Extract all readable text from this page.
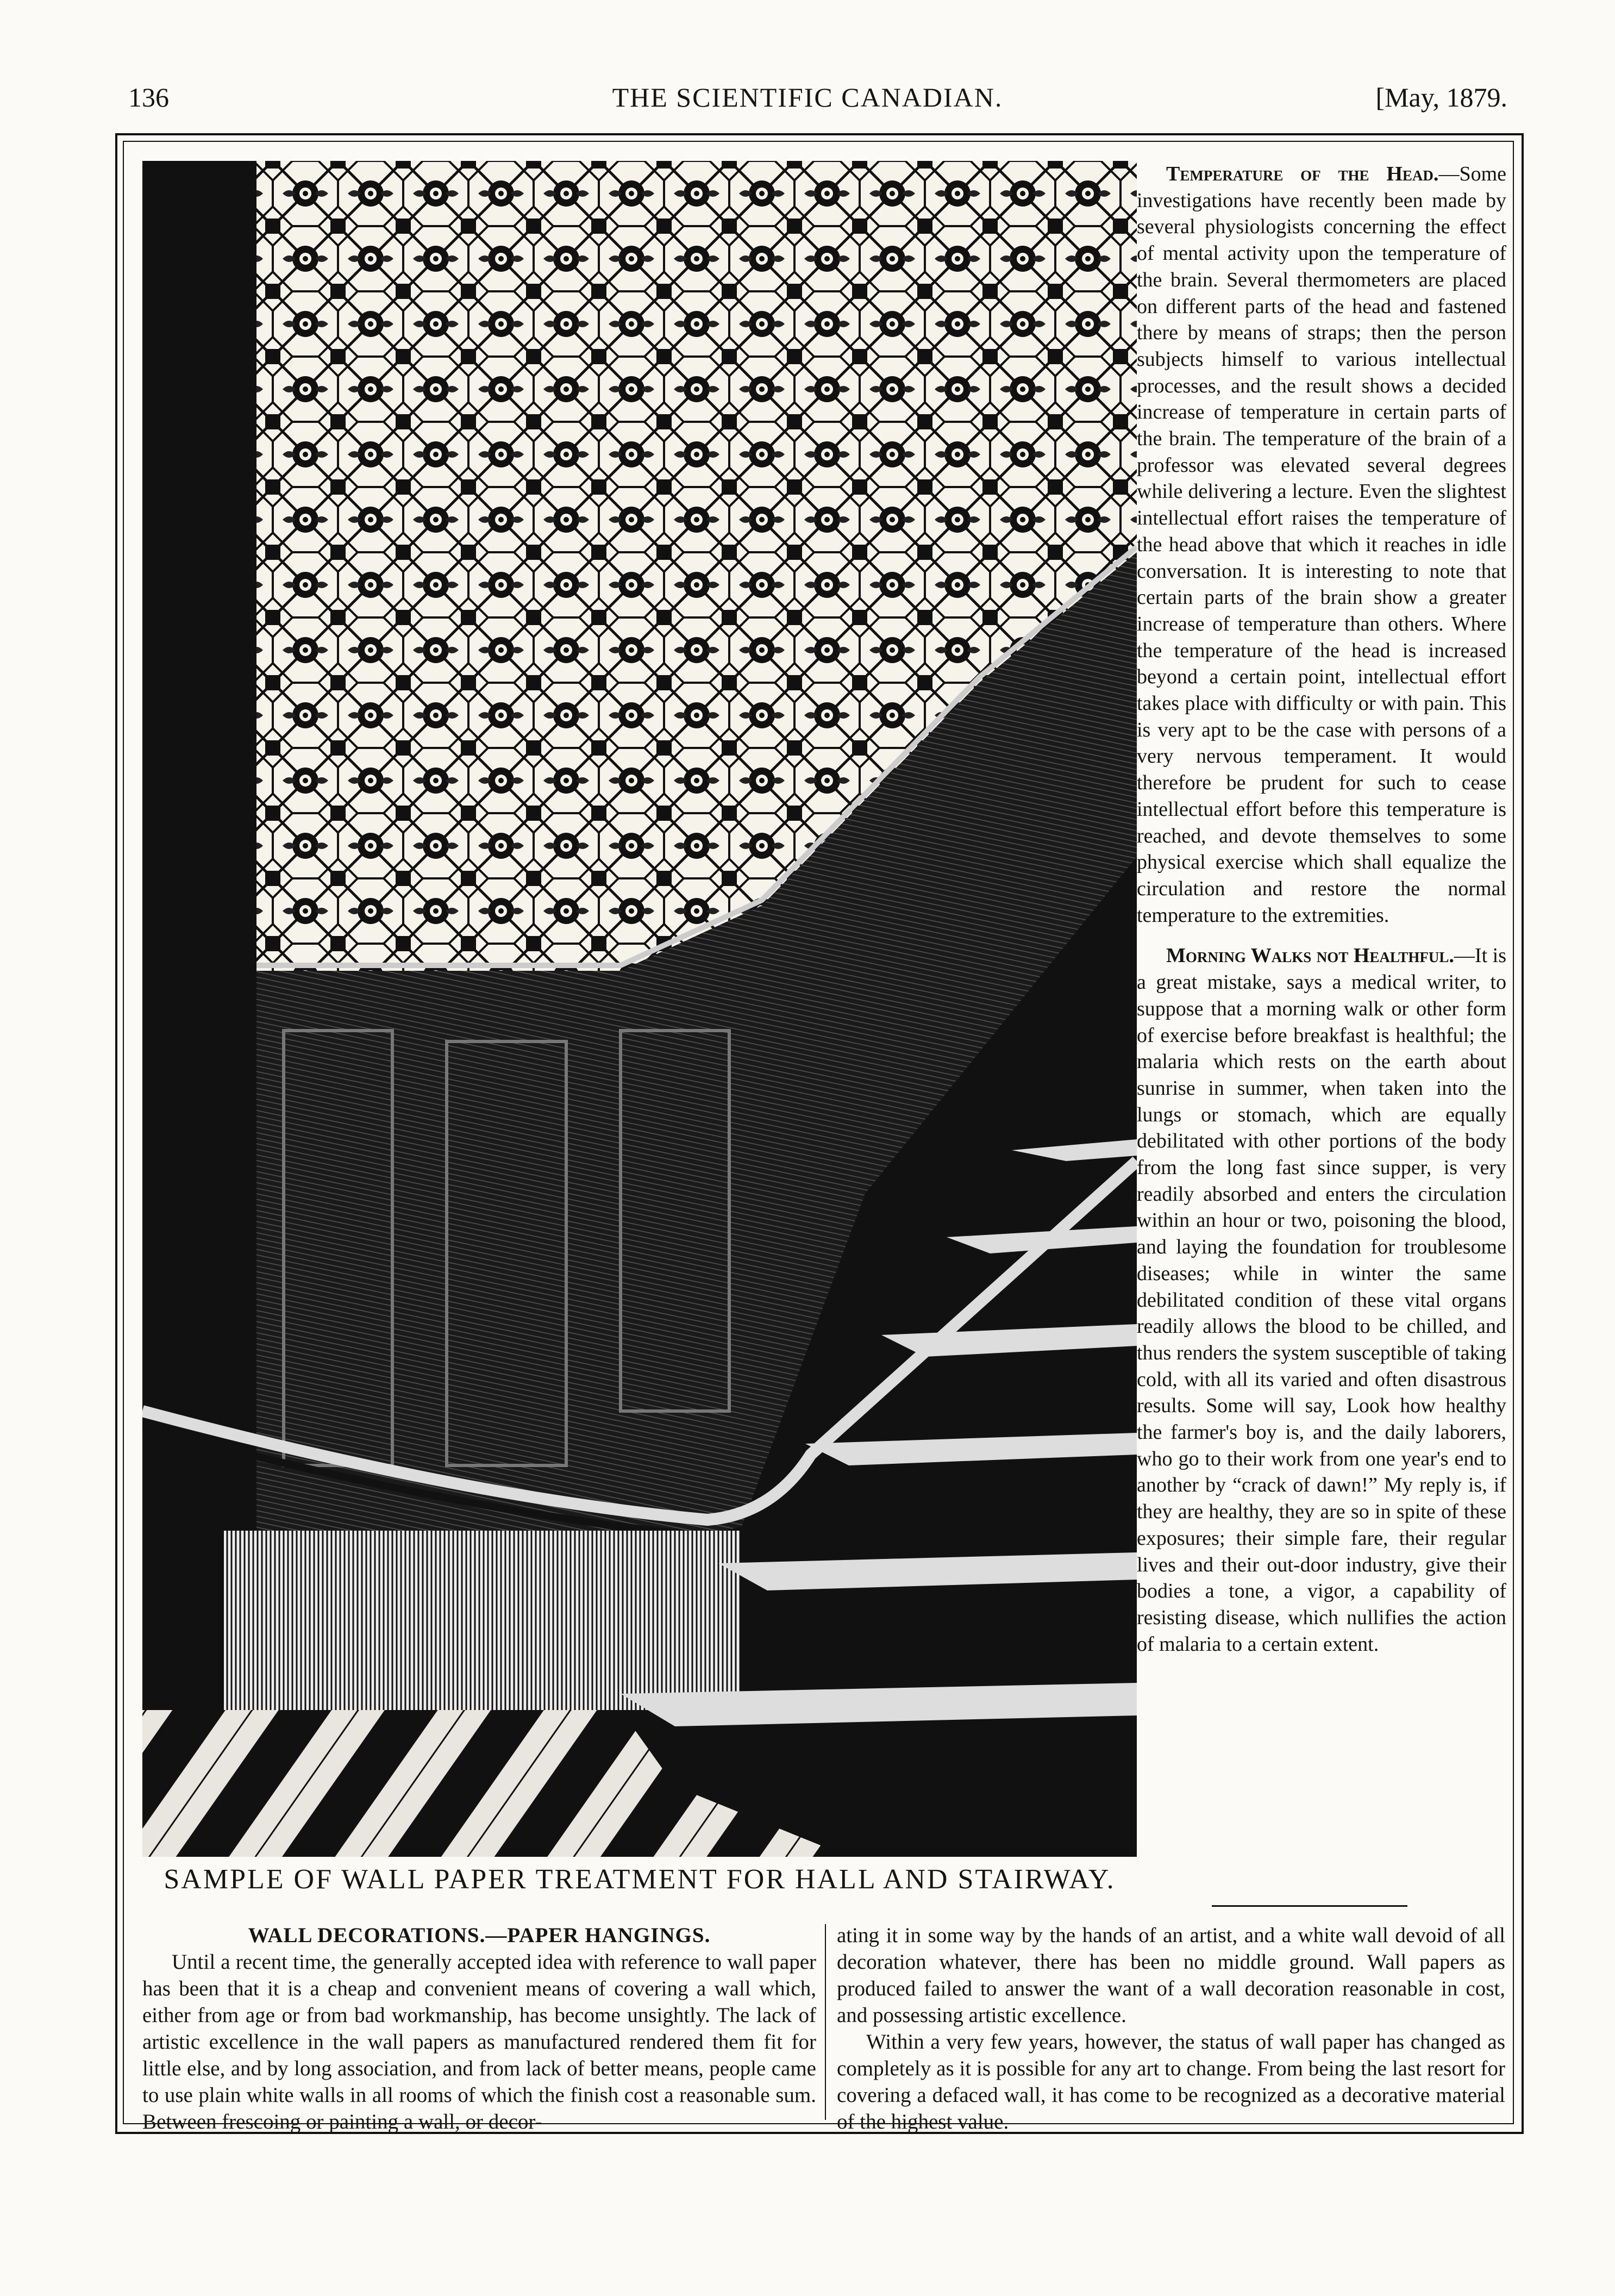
136	THE SCIENTIFIC CANADIAN.	[May, 1879.
SAMPLE OF WALL PAPER TREATMENT FOR HALL AND STAIRWAY.

Temperature of the Head.—Some investigations have recently been made by several physiologists concerning the effect of mental activity upon the temperature of the brain. Several thermometers are placed on different parts of the head and fastened there by means of straps; then the person subjects himself to various intellectual processes, and the result shows a decided increase of temperature in certain parts of the brain. The temperature of the brain of a professor was elevated several degrees while delivering a lecture. Even the slightest intellectual effort raises the temperature of the head above that which it reaches in idle conversation. It is interesting to note that certain parts of the brain show a greater increase of temperature than others. Where the temperature of the head is increased beyond a certain point, intellectual effort takes place with difficulty or with pain. This is very apt to be the case with persons of a very nervous temperament. It would therefore be prudent for such to cease intellectual effort before this temperature is reached, and devote themselves to some physical exercise which shall equalize the circulation and restore the normal temperature to the extremities.

Morning Walks not Healthful.—It is a great mistake, says a medical writer, to suppose that a morning walk or other form of exercise before breakfast is healthful; the malaria which rests on the earth about sunrise in summer, when taken into the lungs or stomach, which are equally debilitated with other portions of the body from the long fast since supper, is very readily absorbed and enters the circulation within an hour or two, poisoning the blood, and laying the foundation for troublesome diseases; while in winter the same debilitated condition of these vital organs readily allows the blood to be chilled, and thus renders the system susceptible of taking cold, with all its varied and often disastrous results. Some will say, Look how healthy the farmer's boy is, and the daily laborers, who go to their work from one year's end to another by “crack of dawn!” My reply is, if they are healthy, they are so in spite of these exposures; their simple fare, their regular lives and their out-door industry, give their bodies a tone, a vigor, a capability of resisting disease, which nullifies the action of malaria to a certain extent.

WALL DECORATIONS.—PAPER HANGINGS.
Until a recent time, the generally accepted idea with reference to wall paper has been that it is a cheap and convenient means of covering a wall which, either from age or from bad workmanship, has become unsightly. The lack of artistic excellence in the wall papers as manufactured rendered them fit for little else, and by long association, and from lack of better means, people came to use plain white walls in all rooms of which the finish cost a reasonable sum. Between frescoing or painting a wall, or decor-
ating it in some way by the hands of an artist, and a white wall devoid of all decoration whatever, there has been no middle ground. Wall papers as produced failed to answer the want of a wall decoration reasonable in cost, and possessing artistic excellence.
Within a very few years, however, the status of wall paper has changed as completely as it is possible for any art to change. From being the last resort for covering a defaced wall, it has come to be recognized as a decorative material of the highest value.
